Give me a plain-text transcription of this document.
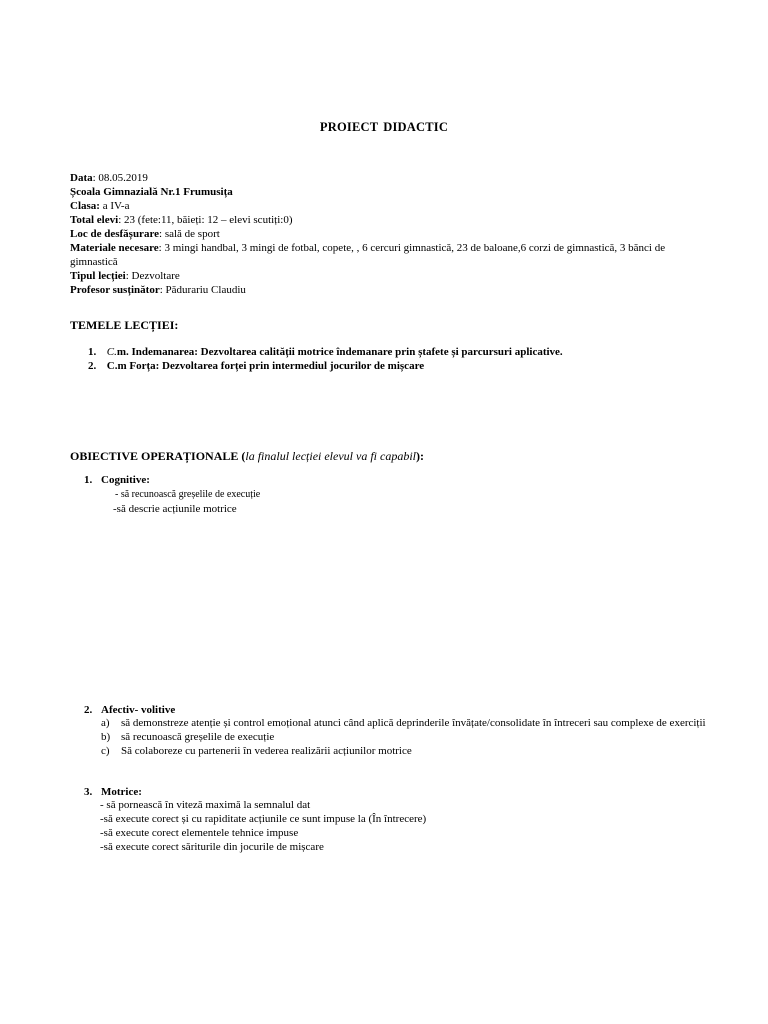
PROIECT DIDACTIC
Data: 08.05.2019
Școala Gimnazială Nr.1 Frumusița
Clasa: a IV-a
Total elevi: 23 (fete:11, băieți: 12 – elevi scutiți:0)
Loc de desfășurare: sală de sport
Materiale necesare: 3 mingi handbal, 3 mingi de fotbal, copete, , 6 cercuri gimnastică, 23 de baloane,6 corzi de gimnastică, 3 bănci de gimnastică
Tipul lecției: Dezvoltare
Profesor susținător: Pădurariu Claudiu
TEMELE LECȚIEI:
1. C.m. Indemanarea: Dezvoltarea calității motrice îndemanare prin ștafete și parcursuri aplicative.
2. C.m Forța: Dezvoltarea forței prin intermediul jocurilor de mișcare
OBIECTIVE OPERAȚIONALE (la finalul lecției elevul va fi capabil):
1. Cognitive:
- să recunoască greșelile de execuție
-să descrie acțiunile motrice
2. Afectiv- volitive
a)	să demonstreze atenție și control emoțional atunci când aplică deprinderile învățate/consolidate în întreceri sau complexe de exerciții
b) să recunoască greșelile de execuție
c)	Să colaboreze cu partenerii în vederea realizării acțiunilor motrice
3. Motrice:
- să pornească în viteză maximă la semnalul dat
-să execute corect și cu rapiditate acțiunile ce sunt impuse la (În întrecere)
-să execute corect elementele tehnice impuse
-să execute corect săriturile din jocurile de mișcare
